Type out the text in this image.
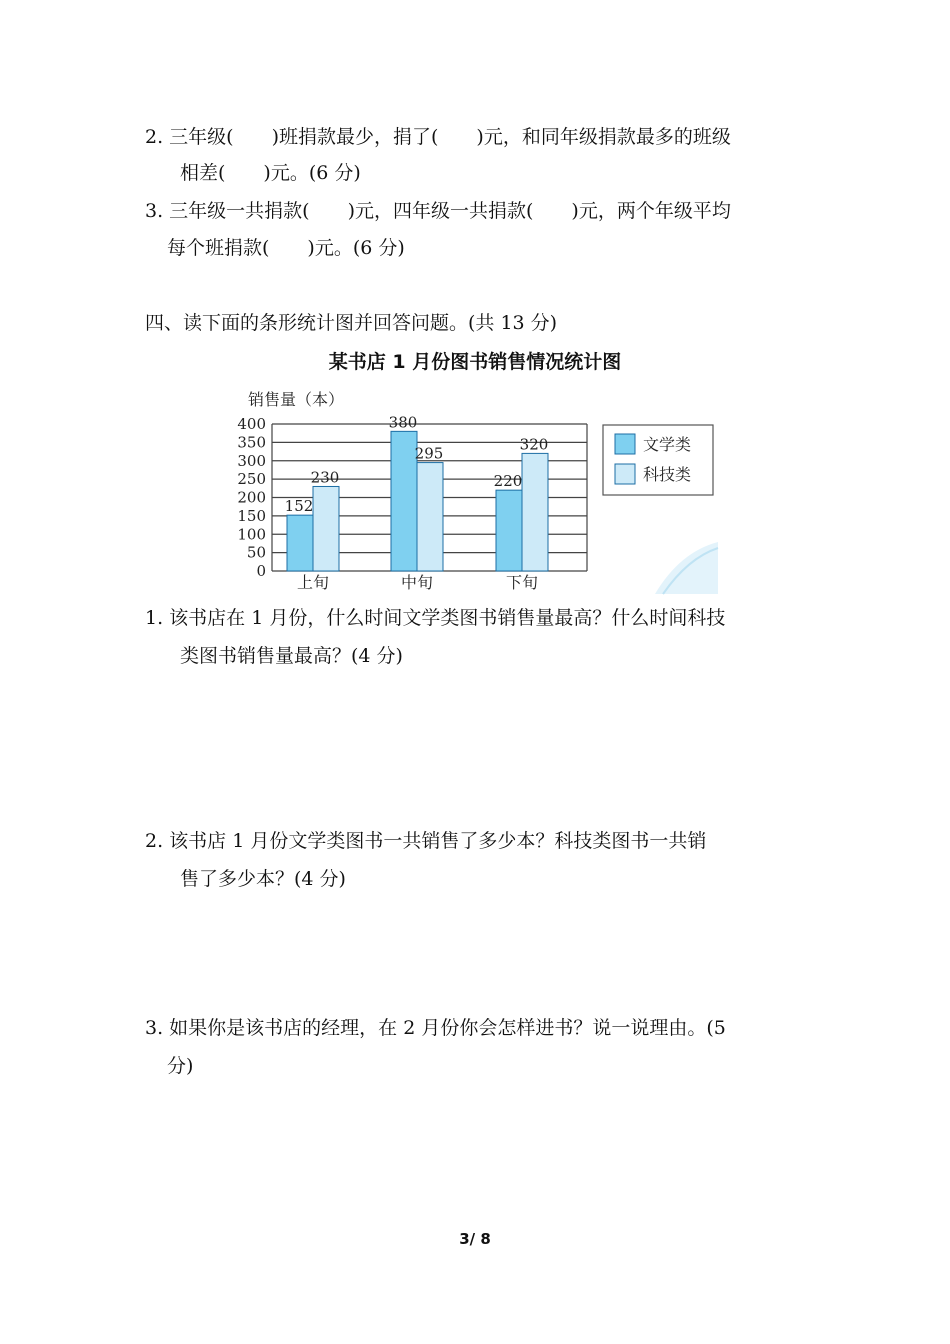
2. 三年级(　　)班捐款最少，捐了(　　)元，和同年级捐款最多的班级
相差(　　)元。(6 分)
3. 三年级一共捐款(　　)元，四年级一共捐款(　　)元，两个年级平均
每个班捐款(　　)元。(6 分)
四、读下面的条形统计图并回答问题。(共 13 分)
某书店 1 月份图书销售情况统计图
销售量（本）
0
50
100
150
200
250
300
350
400
152
230
上旬
380
295
中旬
220
320
下旬
文学类
科技类
1. 该书店在 1 月份，什么时间文学类图书销售量最高？什么时间科技
类图书销售量最高？(4 分)
2. 该书店 1 月份文学类图书一共销售了多少本？科技类图书一共销
售了多少本？(4 分)
3. 如果你是该书店的经理，在 2 月份你会怎样进书？说一说理由。(5
分)
3/ 8
